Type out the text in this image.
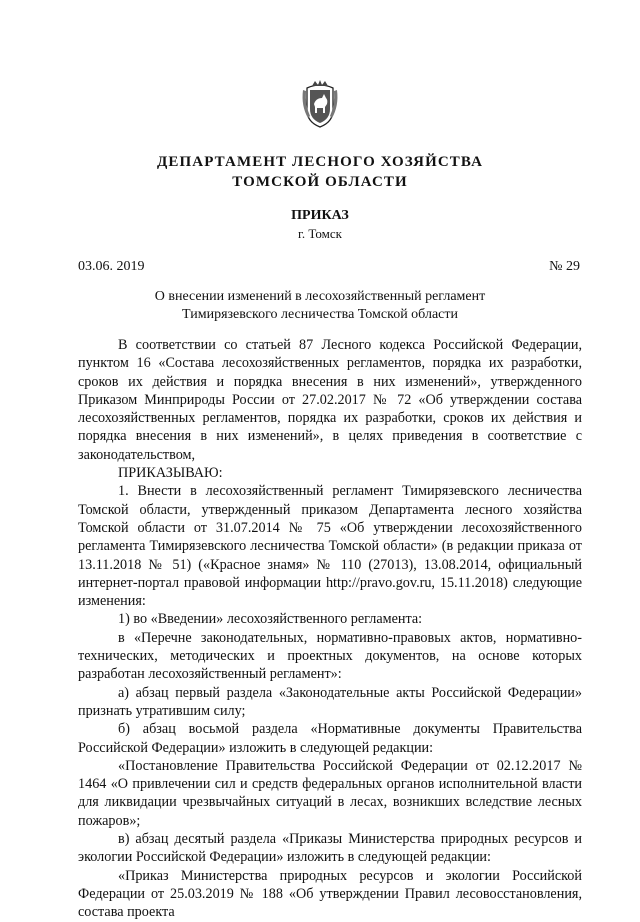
ДЕПАРТАМЕНТ ЛЕСНОГО ХОЗЯЙСТВА
ТОМСКОЙ ОБЛАСТИ
ПРИКАЗ
г. Томск
03.06. 2019	№ 29
О внесении изменений в лесохозяйственный регламент
Тимирязевского лесничества Томской области

В соответствии со статьей 87 Лесного кодекса Российской Федерации, пунктом 16 «Состава лесохозяйственных регламентов, порядка их разработки, сроков их действия и порядка внесения в них изменений», утвержденного Приказом Минприроды России от 27.02.2017 № 72 «Об утверждении состава лесохозяйственных регламентов, порядка их разработки, сроков их действия и порядка внесения в них изменений», в целях приведения в соответствие с законодательством,

ПРИКАЗЫВАЮ:

1. Внести в лесохозяйственный регламент Тимирязевского лесничества Томской области, утвержденный приказом Департамента лесного хозяйства Томской области от 31.07.2014 № 75 «Об утверждении лесохозяйственного регламента Тимирязевского лесничества Томской области» (в редакции приказа от 13.11.2018 № 51) («Красное знамя» № 110 (27013), 13.08.2014, официальный интернет-портал правовой информации http://pravo.gov.ru, 15.11.2018) следующие изменения:

1) во «Введении» лесохозяйственного регламента:

в «Перечне законодательных, нормативно-правовых актов, нормативно-технических, методических и проектных документов, на основе которых разработан лесохозяйственный регламент»:

а) абзац первый раздела «Законодательные акты Российской Федерации» признать утратившим силу;

б) абзац восьмой раздела «Нормативные документы Правительства Российской Федерации» изложить в следующей редакции:

«Постановление Правительства Российской Федерации от 02.12.2017 № 1464 «О привлечении сил и средств федеральных органов исполнительной власти для ликвидации чрезвычайных ситуаций в лесах, возникших вследствие лесных пожаров»;

в) абзац десятый раздела «Приказы Министерства природных ресурсов и экологии Российской Федерации» изложить в следующей редакции:

«Приказ Министерства природных ресурсов и экологии Российской Федерации от 25.03.2019 № 188 «Об утверждении Правил лесовосстановления, состава проекта
